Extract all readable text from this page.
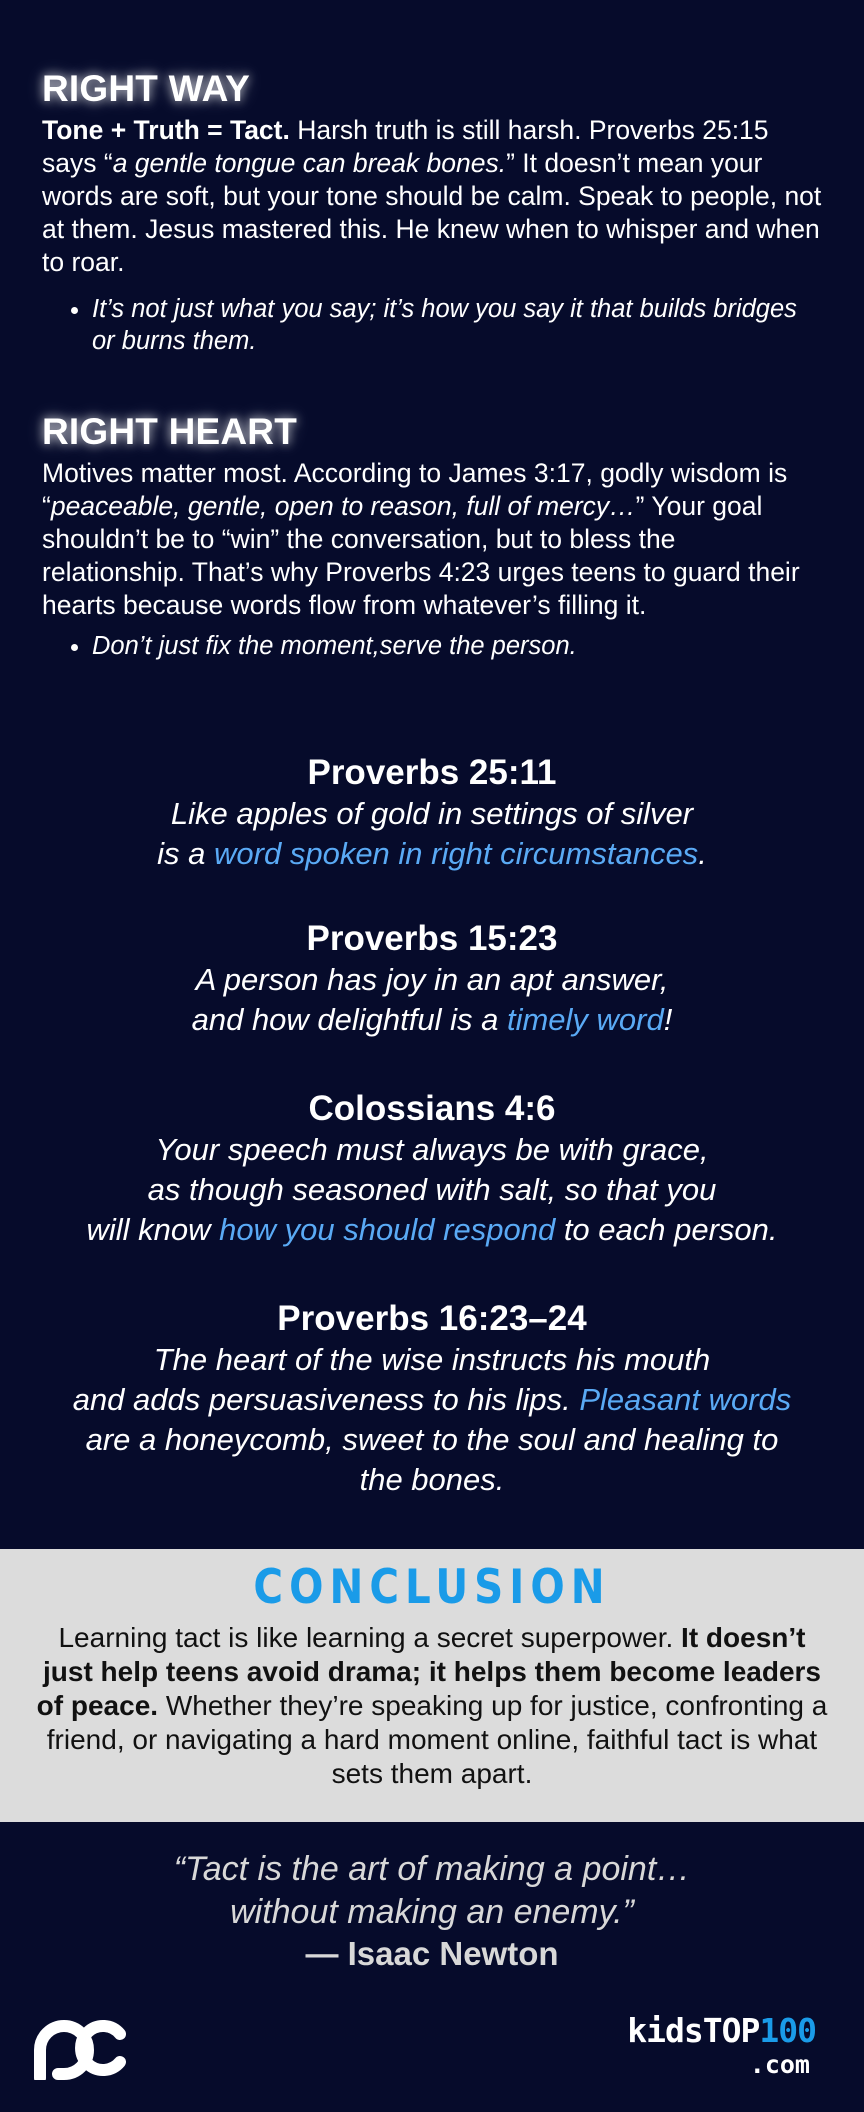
RIGHT WAY

Tone + Truth = Tact. Harsh truth is still harsh. Proverbs 25:15 says “a gentle tongue can break bones.” It doesn’t mean your words are soft, but your tone should be calm. Speak to people, not at them. Jesus mastered this. He knew when to whisper and when to roar.

• It’s not just what you say; it’s how you say it that builds bridges or burns them.
RIGHT HEART

Motives matter most. According to James 3:17, godly wisdom is “peaceable, gentle, open to reason, full of mercy…” Your goal shouldn’t be to “win” the conversation, but to bless the relationship. That’s why Proverbs 4:23 urges teens to guard their hearts because words flow from whatever’s filling it.

• Don’t just fix the moment,serve the person.
Proverbs 25:11
Like apples of gold in settings of silver
is a word spoken in right circumstances.
Proverbs 15:23
A person has joy in an apt answer,
and how delightful is a timely word!
Colossians 4:6
Your speech must always be with grace,
as though seasoned with salt, so that you
will know how you should respond to each person.
Proverbs 16:23–24
The heart of the wise instructs his mouth
and adds persuasiveness to his lips. Pleasant words are a honeycomb, sweet to the soul and healing to the bones.
CONCLUSION
Learning tact is like learning a secret superpower. It doesn’t just help teens avoid drama; it helps them become leaders of peace. Whether they’re speaking up for justice, confronting a friend, or navigating a hard moment online, faithful tact is what sets them apart.
“Tact is the art of making a point…
without making an enemy.”
— Isaac Newton
kidsTOP100
.com
